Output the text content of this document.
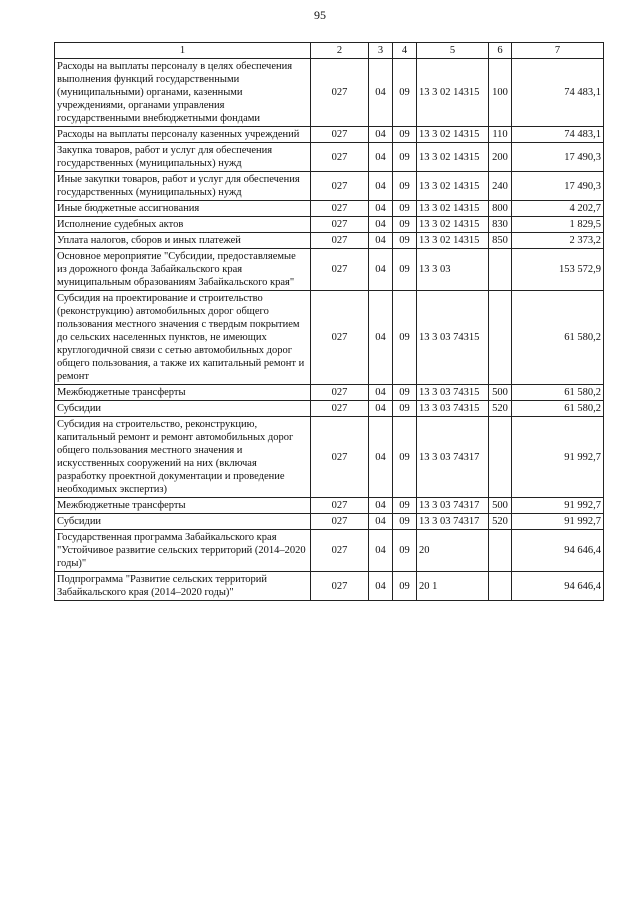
95
1	2	3	4	5	6	7
Расходы на выплаты персоналу в целях обеспечения выполнения функций государственными (муниципальными) органами, казенными учреждениями, органами управления государственными внебюджетными фондами	027	04	09	13 3 02 14315	100	74 483,1
Расходы на выплаты персоналу казенных учреждений	027	04	09	13 3 02 14315	110	74 483,1
Закупка товаров, работ и услуг для обеспечения государственных (муниципальных) нужд	027	04	09	13 3 02 14315	200	17 490,3
Иные закупки товаров, работ и услуг для обеспечения государственных (муниципальных) нужд	027	04	09	13 3 02 14315	240	17 490,3
Иные бюджетные ассигнования	027	04	09	13 3 02 14315	800	4 202,7
Исполнение судебных актов	027	04	09	13 3 02 14315	830	1 829,5
Уплата налогов, сборов и иных платежей	027	04	09	13 3 02 14315	850	2 373,2
Основное мероприятие "Субсидии, предоставляемые из дорожного фонда Забайкальского края муниципальным образованиям Забайкальского края"	027	04	09	13 3 03		153 572,9
Субсидия на проектирование и строительство (реконструкцию) автомобильных дорог общего пользования местного значения с твердым покрытием до сельских населенных пунктов, не имеющих круглогодичной связи с сетью автомобильных дорог общего пользования, а также их капитальный ремонт и ремонт	027	04	09	13 3 03 74315		61 580,2
Межбюджетные трансферты	027	04	09	13 3 03 74315	500	61 580,2
Субсидии	027	04	09	13 3 03 74315	520	61 580,2
Субсидия на строительство, реконструкцию, капитальный ремонт и ремонт автомобильных дорог общего пользования местного значения и искусственных сооружений на них (включая разработку проектной документации и проведение необходимых экспертиз)	027	04	09	13 3 03 74317		91 992,7
Межбюджетные трансферты	027	04	09	13 3 03 74317	500	91 992,7
Субсидии	027	04	09	13 3 03 74317	520	91 992,7
Государственная программа Забайкальского края "Устойчивое развитие сельских территорий (2014–2020 годы)"	027	04	09	20		94 646,4
Подпрограмма "Развитие сельских территорий Забайкальского края (2014–2020 годы)"	027	04	09	20 1		94 646,4
